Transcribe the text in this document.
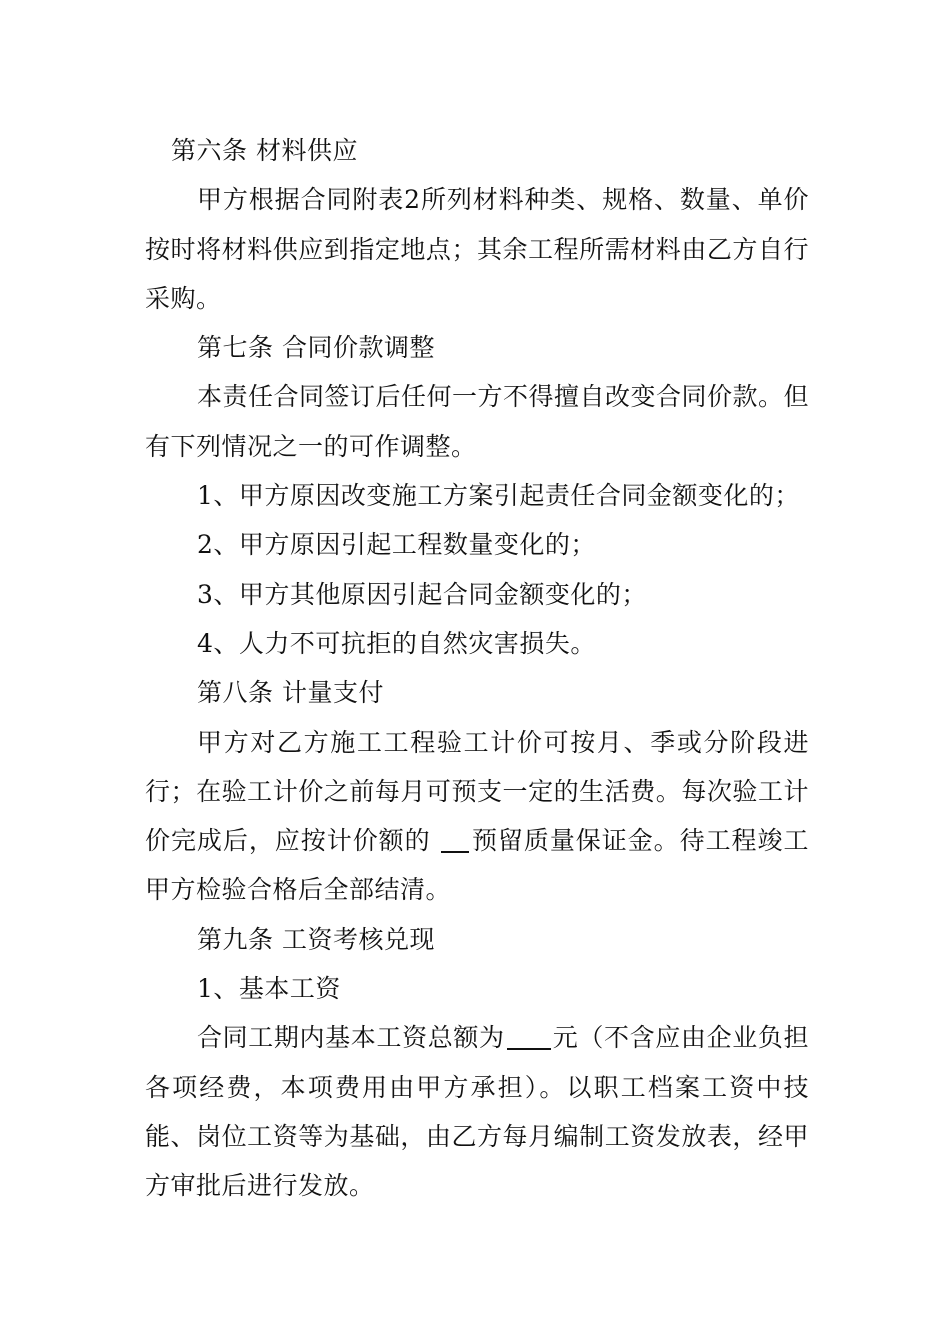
第六条 材料供应

甲方根据合同附表2所列材料种类、规格、数量、单价按时将材料供应到指定地点；其余工程所需材料由乙方自行采购。

第七条 合同价款调整

本责任合同签订后任何一方不得擅自改变合同价款。但有下列情况之一的可作调整。

1、甲方原因改变施工方案引起责任合同金额变化的；

2、甲方原因引起工程数量变化的；

3、甲方其他原因引起合同金额变化的；

4、人力不可抗拒的自然灾害损失。

第八条 计量支付

甲方对乙方施工工程验工计价可按月、季或分阶段进行；在验工计价之前每月可预支一定的生活费。每次验工计价完成后，应按计价额的 预留质量保证金。待工程竣工甲方检验合格后全部结清。

第九条 工资考核兑现

1、基本工资

合同工期内基本工资总额为 元（不含应由企业负担各项经费，本项费用由甲方承担）。以职工档案工资中技能、岗位工资等为基础，由乙方每月编制工资发放表，经甲方审批后进行发放。
